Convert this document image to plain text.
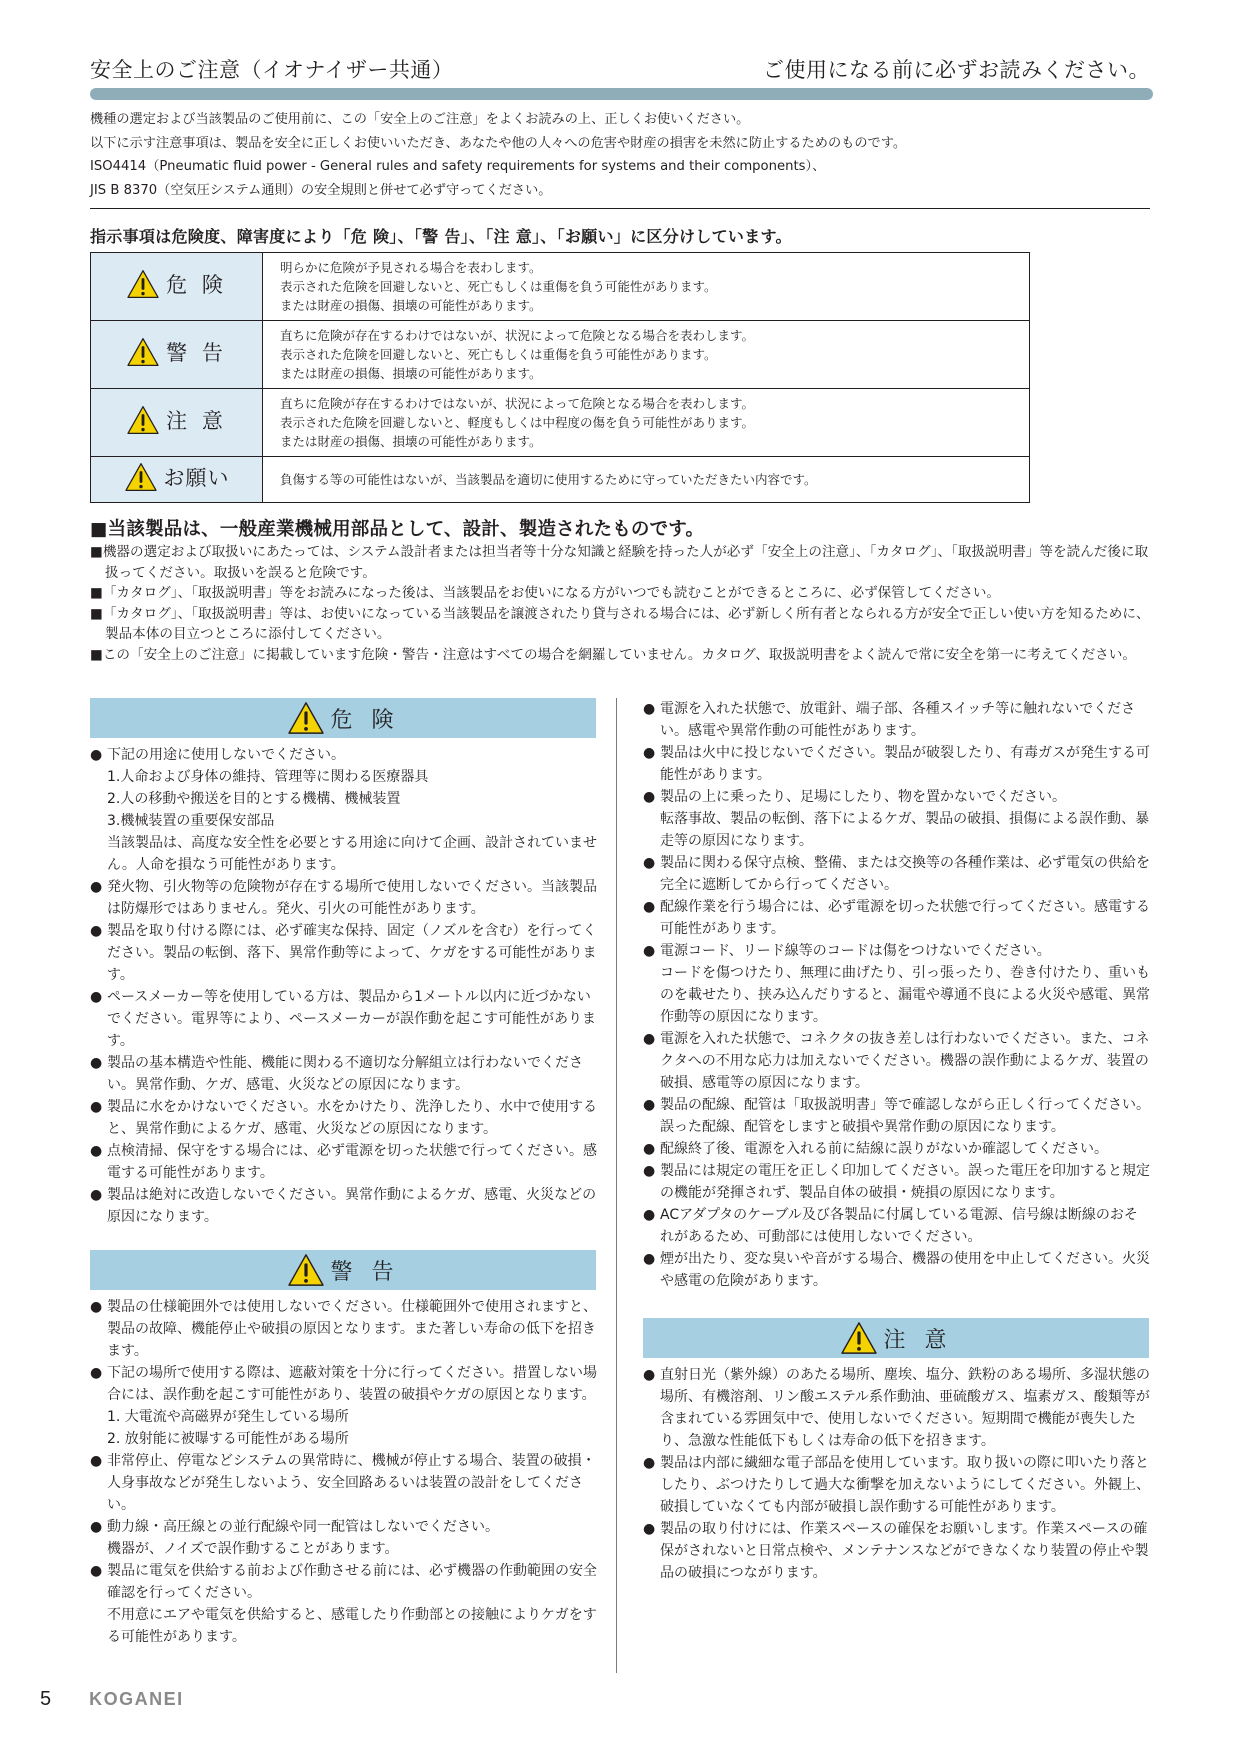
安全上のご注意（イオナイザー共通）	ご使用になる前に必ずお読みください。

機種の選定および当該製品のご使用前に、この「安全上のご注意」をよくお読みの上、正しくお使いください。

以下に示す注意事項は、製品を安全に正しくお使いいただき、あなたや他の人々への危害や財産の損害を未然に防止するためのものです。

ISO4414（Pneumatic fluid power - General rules and safety requirements for systems and their components）、

JIS B 8370（空気圧システム通則）の安全規則と併せて必ず守ってください。

指示事項は危険度、障害度により「危 険」、「警 告」、「注 意」、「お願い」に区分けしています。
危 険	明らかに危険が予見される場合を表わします。
表示された危険を回避しないと、死亡もしくは重傷を負う可能性があります。
または財産の損傷、損壊の可能性があります。

警 告	直ちに危険が存在するわけではないが、状況によって危険となる場合を表わします。
表示された危険を回避しないと、死亡もしくは重傷を負う可能性があります。
または財産の損傷、損壊の可能性があります。

注 意	直ちに危険が存在するわけではないが、状況によって危険となる場合を表わします。
表示された危険を回避しないと、軽度もしくは中程度の傷を負う可能性があります。
または財産の損傷、損壊の可能性があります。

お願い	負傷する等の可能性はないが、当該製品を適切に使用するために守っていただきたい内容です。
■当該製品は、一般産業機械用部品として、設計、製造されたものです。
■機器の選定および取扱いにあたっては、システム設計者または担当者等十分な知識と経験を持った人が必ず「安全上の注意」、「カタログ」、「取扱説明書」等を読んだ後に取扱ってください。取扱いを誤ると危険です。
■「カタログ」、「取扱説明書」等をお読みになった後は、当該製品をお使いになる方がいつでも読むことができるところに、必ず保管してください。
■「カタログ」、「取扱説明書」等は、お使いになっている当該製品を譲渡されたり貸与される場合には、必ず新しく所有者となられる方が安全で正しい使い方を知るために、製品本体の目立つところに添付してください。
■この「安全上のご注意」に掲載しています危険・警告・注意はすべての場合を網羅していません。カタログ、取扱説明書をよく読んで常に安全を第一に考えてください。
危 険
● 下記の用途に使用しないでください。
1.人命および身体の維持、管理等に関わる医療器具
2.人の移動や搬送を目的とする機構、機械装置
3.機械装置の重要保安部品
当該製品は、高度な安全性を必要とする用途に向けて企画、設計されていません。人命を損なう可能性があります。
● 発火物、引火物等の危険物が存在する場所で使用しないでください。当該製品は防爆形ではありません。発火、引火の可能性があります。
● 製品を取り付ける際には、必ず確実な保持、固定（ノズルを含む）を行ってください。製品の転倒、落下、異常作動等によって、ケガをする可能性があります。
● ペースメーカー等を使用している方は、製品から1メートル以内に近づかないでください。電界等により、ペースメーカーが誤作動を起こす可能性があります。
● 製品の基本構造や性能、機能に関わる不適切な分解組立は行わないでください。異常作動、ケガ、感電、火災などの原因になります。
● 製品に水をかけないでください。水をかけたり、洗浄したり、水中で使用すると、異常作動によるケガ、感電、火災などの原因になります。
● 点検清掃、保守をする場合には、必ず電源を切った状態で行ってください。感電する可能性があります。
● 製品は絶対に改造しないでください。異常作動によるケガ、感電、火災などの原因になります。
警 告
● 製品の仕様範囲外では使用しないでください。仕様範囲外で使用されますと、製品の故障、機能停止や破損の原因となります。また著しい寿命の低下を招きます。
● 下記の場所で使用する際は、遮蔽対策を十分に行ってください。措置しない場合には、誤作動を起こす可能性があり、装置の破損やケガの原因となります。
1. 大電流や高磁界が発生している場所
2. 放射能に被曝する可能性がある場所
● 非常停止、停電などシステムの異常時に、機械が停止する場合、装置の破損・人身事故などが発生しないよう、安全回路あるいは装置の設計をしてください。
● 動力線・高圧線との並行配線や同一配管はしないでください。
機器が、ノイズで誤作動することがあります。
● 製品に電気を供給する前および作動させる前には、必ず機器の作動範囲の安全確認を行ってください。
不用意にエアや電気を供給すると、感電したり作動部との接触によりケガをする可能性があります。
● 電源を入れた状態で、放電針、端子部、各種スイッチ等に触れないでください。感電や異常作動の可能性があります。
● 製品は火中に投じないでください。製品が破裂したり、有毒ガスが発生する可能性があります。
● 製品の上に乗ったり、足場にしたり、物を置かないでください。
転落事故、製品の転倒、落下によるケガ、製品の破損、損傷による誤作動、暴走等の原因になります。
● 製品に関わる保守点検、整備、または交換等の各種作業は、必ず電気の供給を完全に遮断してから行ってください。
● 配線作業を行う場合には、必ず電源を切った状態で行ってください。感電する可能性があります。
● 電源コード、リード線等のコードは傷をつけないでください。
コードを傷つけたり、無理に曲げたり、引っ張ったり、巻き付けたり、重いものを載せたり、挟み込んだりすると、漏電や導通不良による火災や感電、異常作動等の原因になります。
● 電源を入れた状態で、コネクタの抜き差しは行わないでください。また、コネクタへの不用な応力は加えないでください。機器の誤作動によるケガ、装置の破損、感電等の原因になります。
● 製品の配線、配管は「取扱説明書」等で確認しながら正しく行ってください。誤った配線、配管をしますと破損や異常作動の原因になります。
● 配線終了後、電源を入れる前に結線に誤りがないか確認してください。
● 製品には規定の電圧を正しく印加してください。誤った電圧を印加すると規定の機能が発揮されず、製品自体の破損・焼損の原因になります。
● ACアダプタのケーブル及び各製品に付属している電源、信号線は断線のおそれがあるため、可動部には使用しないでください。
● 煙が出たり、変な臭いや音がする場合、機器の使用を中止してください。火災や感電の危険があります。
注 意
● 直射日光（紫外線）のあたる場所、塵埃、塩分、鉄粉のある場所、多湿状態の場所、有機溶剤、リン酸エステル系作動油、亜硫酸ガス、塩素ガス、酸類等が含まれている雰囲気中で、使用しないでください。短期間で機能が喪失したり、急激な性能低下もしくは寿命の低下を招きます。
● 製品は内部に繊細な電子部品を使用しています。取り扱いの際に叩いたり落としたり、ぶつけたりして過大な衝撃を加えないようにしてください。外観上、破損していなくても内部が破損し誤作動する可能性があります。
● 製品の取り付けには、作業スペースの確保をお願いします。作業スペースの確保がされないと日常点検や、メンテナンスなどができなくなり装置の停止や製品の破損につながります。
5 KOGANEI
